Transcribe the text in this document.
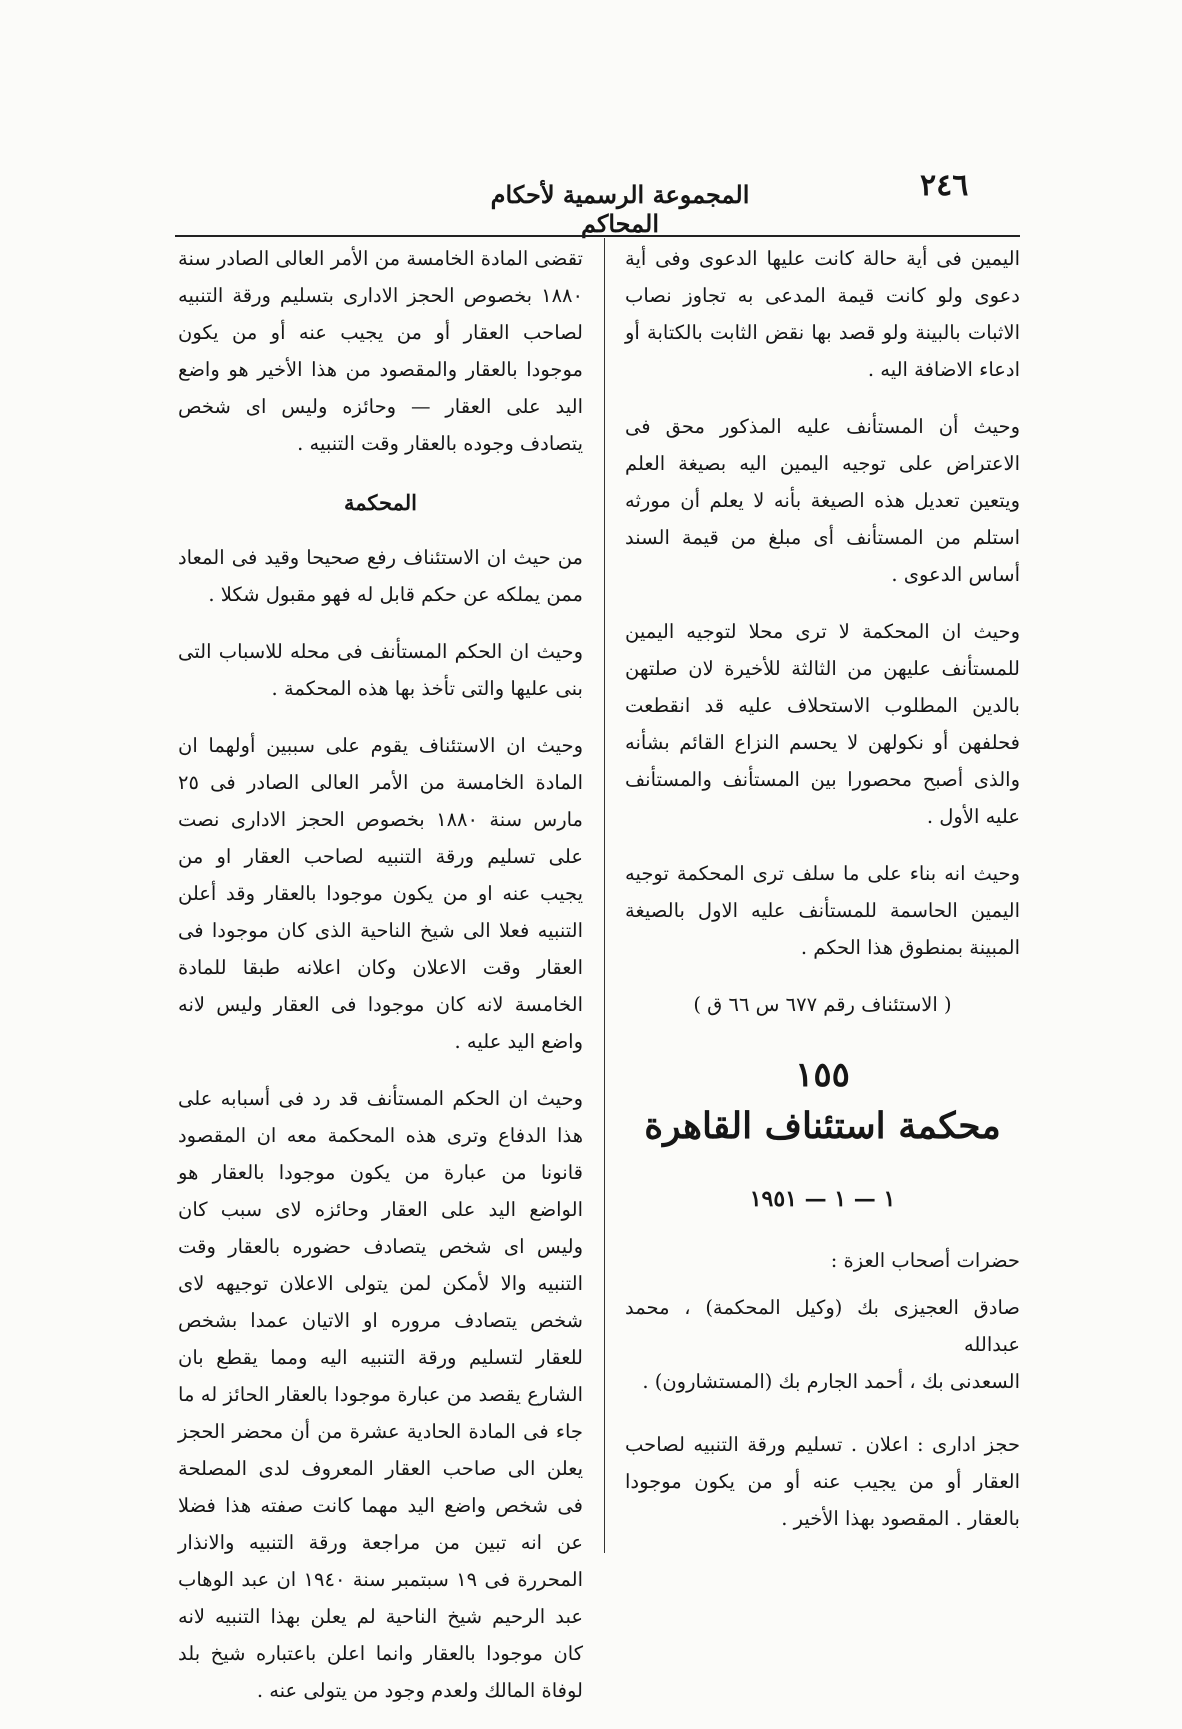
٢٤٦
المجموعة الرسمية لأحكام المحاكم

اليمين فى أية حالة كانت عليها الدعوى وفى أية دعوى ولو كانت قيمة المدعى به تجاوز نصاب الاثبات بالبينة ولو قصد بها نقض الثابت بالكتابة أو ادعاء الاضافة اليه .

وحيث أن المستأنف عليه المذكور محق فى الاعتراض على توجيه اليمين اليه بصيغة العلم ويتعين تعديل هذه الصيغة بأنه لا يعلم أن مورثه استلم من المستأنف أى مبلغ من قيمة السند أساس الدعوى .

وحيث ان المحكمة لا ترى محلا لتوجيه اليمين للمستأنف عليهن من الثالثة للأخيرة لان صلتهن بالدين المطلوب الاستحلاف عليه قد انقطعت فحلفهن أو نكولهن لا يحسم النزاع القائم بشأنه والذى أصبح محصورا بين المستأنف والمستأنف عليه الأول .

وحيث انه بناء على ما سلف ترى المحكمة توجيه اليمين الحاسمة للمستأنف عليه الاول بالصيغة المبينة بمنطوق هذا الحكم .

( الاستئناف رقم ٦٧٧ س ٦٦ ق )

١٥٥

محكمة استئناف القاهرة

١ — ١ — ١٩٥١

حضرات أصحاب العزة :

صادق العجيزى بك (وكيل المحكمة) ، محمد عبدالله
السعدنى بك ، أحمد الجارم بك (المستشارون) .

حجز ادارى : اعلان . تسليم ورقة التنبيه لصاحب العقار أو من يجيب عنه أو من يكون موجودا بالعقار . المقصود بهذا الأخير .

تقضى المادة الخامسة من الأمر العالى الصادر سنة ١٨٨٠ بخصوص الحجز الادارى بتسليم ورقة التنبيه لصاحب العقار أو من يجيب عنه أو من يكون موجودا بالعقار والمقصود من هذا الأخير هو واضع اليد على العقار — وحائزه وليس اى شخص يتصادف وجوده بالعقار وقت التنبيه .

المحكمة

من حيث ان الاستئناف رفع صحيحا وقيد فى المعاد ممن يملكه عن حكم قابل له فهو مقبول شكلا .

وحيث ان الحكم المستأنف فى محله للاسباب التى بنى عليها والتى تأخذ بها هذه المحكمة .

وحيث ان الاستئناف يقوم على سببين أولهما ان المادة الخامسة من الأمر العالى الصادر فى ٢٥ مارس سنة ١٨٨٠ بخصوص الحجز الادارى نصت على تسليم ورقة التنبيه لصاحب العقار او من يجيب عنه او من يكون موجودا بالعقار وقد أعلن التنبيه فعلا الى شيخ الناحية الذى كان موجودا فى العقار وقت الاعلان وكان اعلانه طبقا للمادة الخامسة لانه كان موجودا فى العقار وليس لانه واضع اليد عليه .

وحيث ان الحكم المستأنف قد رد فى أسبابه على هذا الدفاع وترى هذه المحكمة معه ان المقصود قانونا من عبارة من يكون موجودا بالعقار هو الواضع اليد على العقار وحائزه لاى سبب كان وليس اى شخص يتصادف حضوره بالعقار وقت التنبيه والا لأمكن لمن يتولى الاعلان توجيهه لاى شخص يتصادف مروره او الاتيان عمدا بشخص للعقار لتسليم ورقة التنبيه اليه ومما يقطع بان الشارع يقصد من عبارة موجودا بالعقار الحائز له ما جاء فى المادة الحادية عشرة من أن محضر الحجز يعلن الى صاحب العقار المعروف لدى المصلحة فى شخص واضع اليد مهما كانت صفته هذا فضلا عن انه تبين من مراجعة ورقة التنبيه والانذار المحررة فى ١٩ سبتمبر سنة ١٩٤٠ ان عبد الوهاب عبد الرحيم شيخ الناحية لم يعلن بهذا التنبيه لانه كان موجودا بالعقار وانما اعلن باعتباره شيخ بلد لوفاة المالك ولعدم وجود من يتولى عنه .
